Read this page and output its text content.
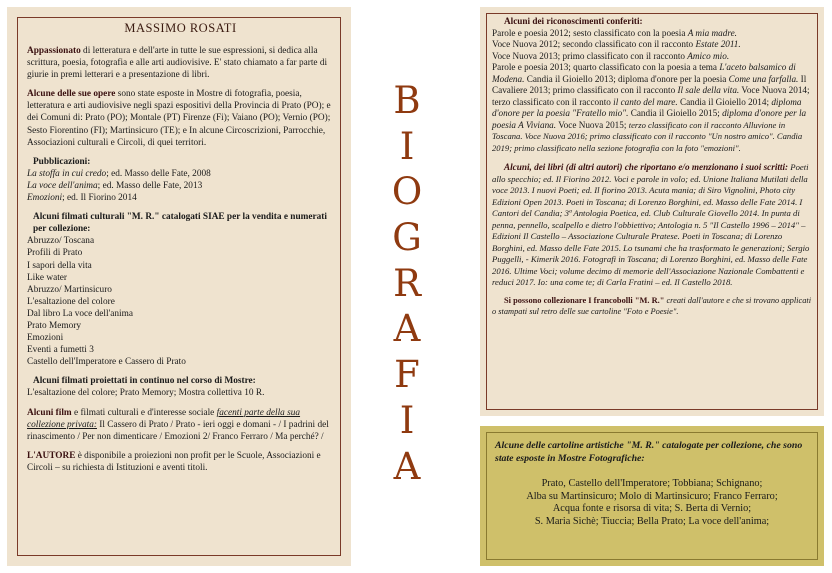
MASSIMO ROSATI

Appassionato di letteratura e dell'arte in tutte le sue espressioni, si dedica alla scrittura, poesia, fotografia e alle arti audiovisive. E' stato chiamato a far parte di giurie in premi letterari e a presentazione di libri.

Alcune delle sue opere sono state esposte in Mostre di fotografia, poesia, letteratura e arti audiovisive negli spazi espositivi della Provincia di Prato (PO); e dei Comuni di: Prato (PO); Montale (PT) Firenze (Fi); Vaiano (PO); Vernio (PO); Sesto Fiorentino (FI); Martinsicuro (TE); e In alcune Circoscrizioni, Parrocchie, Associazioni culturali e Circoli, di quei territori.

Pubblicazioni:

La stoffa in cui credo; ed. Masso delle Fate, 2008

La voce dell'anima; ed. Masso delle Fate, 2013

Emozioni; ed. Il Fiorino 2014

Alcuni filmati culturali "M. R." catalogati SIAE per la vendita e numerati per collezione:

Abruzzo/ Toscana

Profili di Prato

I sapori della vita

Like water

Abruzzo/ Martinsicuro

L'esaltazione del colore

Dal libro La voce dell'anima

Prato Memory

Emozioni

Eventi a fumetti 3

Castello dell'Imperatore e Cassero di Prato

Alcuni filmati proiettati in continuo nel corso di Mostre:

L'esaltazione del colore; Prato Memory; Mostra collettiva 10 R.

Alcuni film e filmati culturali e d'interesse sociale facenti parte della sua collezione privata: Il Cassero di Prato / Prato - ieri oggi e domani - / I padrini del rinascimento / Per non dimenticare / Emozioni 2/ Franco Ferraro / Ma perché? /

L'AUTORE è disponibile a proiezioni non profit per le Scuole, Associazioni e Circoli – su richiesta di Istituzioni e aventi titoli.

B
I
O
G
R
A
F
I
A

Alcuni dei riconoscimenti conferiti:

Parole e poesia 2012; sesto classificato con la poesia A mia madre.
Voce Nuova 2012; secondo classificato con il racconto Estate 2011.
Voce Nuova 2013; primo classificato con il racconto Amico mio.
Parole e poesia 2013; quarto classificato con la poesia a tema L'aceto balsamico di Modena. Candia il Gioiello 2013; diploma d'onore per la poesia Come una farfalla. Il Cavaliere 2013; primo classificato con il racconto Il sale della vita. Voce Nuova 2014; terzo classificato con il racconto il canto del mare. Candia il Gioiello 2014; diploma d'onore per la poesia "Fratello mio". Candia il Gioiello 2015; diploma d'onore per la poesia A Viviana. Voce Nuova 2015; terzo classificato con il racconto Alluvione in Toscana. Voce Nuova 2016; primo classificato con il racconto "Un nostro amico". Candia 2019; primo classificato nella sezione fotografia con la foto "emozioni".

Alcuni, dei libri (di altri autori) che riportano e/o menzionano i suoi scritti: Poeti allo specchio; ed. Il Fiorino 2012. Voci e parole in volo; ed. Unione Italiana Mutilati della voce 2013. I nuovi Poeti; ed. Il fiorino 2013. Acuta mania; di Siro Vignolini, Photo city Edizioni Open 2013. Poeti in Toscana; di Lorenzo Borghini, ed. Masso delle Fate 2014. I Cantori del Candia; 3ª Antologia Poetica, ed. Club Culturale Giovello 2014. In punta di penna, pennello, scalpello e dietro l'obbiettivo; Antologia n. 5 "Il Castello 1996 – 2014" – Edizioni Il Castello – Associazione Culturale Pratese. Poeti in Toscana; di Lorenzo Borghini, ed. Masso delle Fate 2015. Lo tsunami che ha trasformato le generazioni; Sergio Puggelli, - Kimerik 2016. Fotografi in Toscana; di Lorenzo Borghini, ed. Masso delle Fate 2016. Ultime Voci; volume decimo di memorie dell'Associazione Nazionale Combattenti e reduci 2017. Io: una come te; di Carla Fratini – ed. Il Castello 2018.

Si possono collezionare I francobolli "M. R." creati dall'autore e che si trovano applicati o stampati sul retro delle sue cartoline "Foto e Poesie".

Alcune delle cartoline artistiche "M. R." catalogate per collezione, che sono state esposte in Mostre Fotografiche:

Prato, Castello dell'Imperatore; Tobbiana; Schignano;

Alba su Martinsicuro; Molo di Martinsicuro; Franco Ferraro;

Acqua fonte e risorsa di vita; S. Berta di Vernio;

S. Maria Sichè; Tiuccia; Bella Prato; La voce dell'anima;
